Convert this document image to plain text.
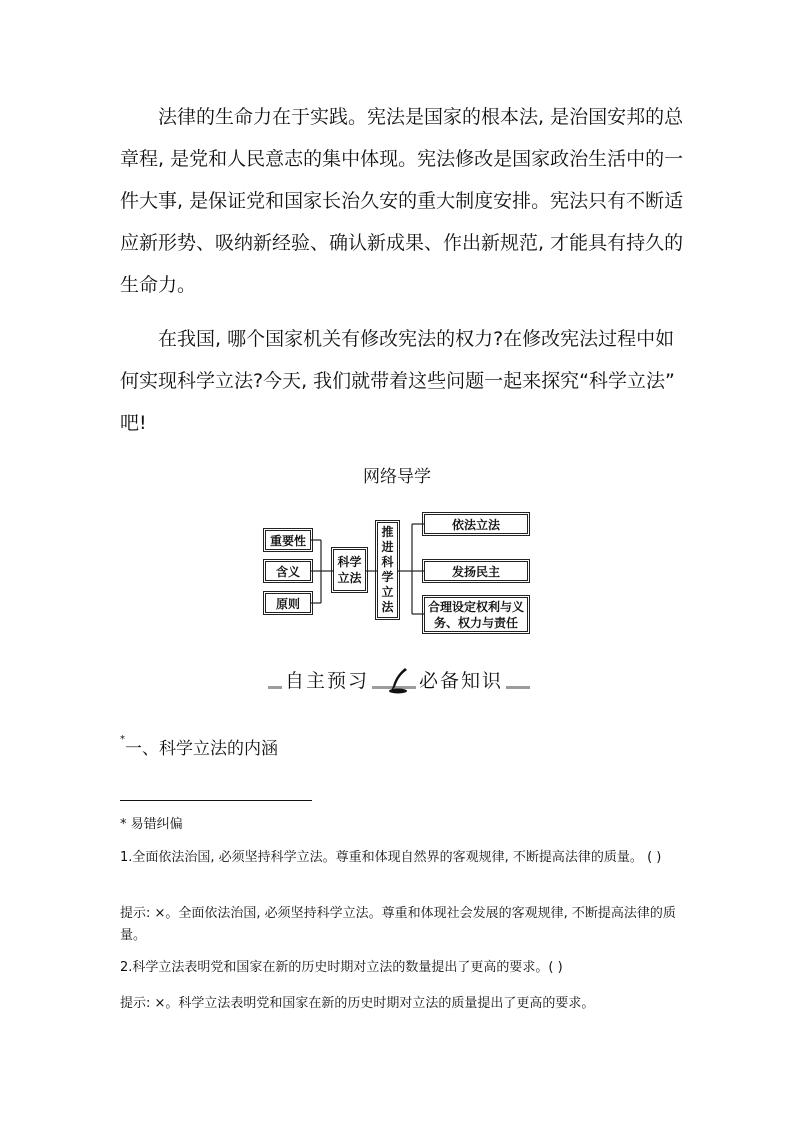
法律的生命力在于实践。宪法是国家的根本法, 是治国安邦的总
章程, 是党和人民意志的集中体现。宪法修改是国家政治生活中的一
件大事, 是保证党和国家长治久安的重大制度安排。宪法只有不断适
应新形势、吸纳新经验、确认新成果、作出新规范, 才能具有持久的
生命力。
在我国, 哪个国家机关有修改宪法的权力?在修改宪法过程中如
何实现科学立法?今天, 我们就带着这些问题一起来探究“科学立法”
吧!
网络导学
重要性
含义
原则
科学立法
推进科学立法
依法立法
发扬民主
合理设定权利与义务、权力与责任
自主预习	必备知识
*一、科学立法的内涵
* 易错纠偏
1.全面依法治国, 必须坚持科学立法。尊重和体现自然界的客观规律, 不断提高法律的质量。 ( )
提示: ×。全面依法治国, 必须坚持科学立法。尊重和体现社会发展的客观规律, 不断提高法律的质量。
2.科学立法表明党和国家在新的历史时期对立法的数量提出了更高的要求。( )
提示: ×。科学立法表明党和国家在新的历史时期对立法的质量提出了更高的要求。
